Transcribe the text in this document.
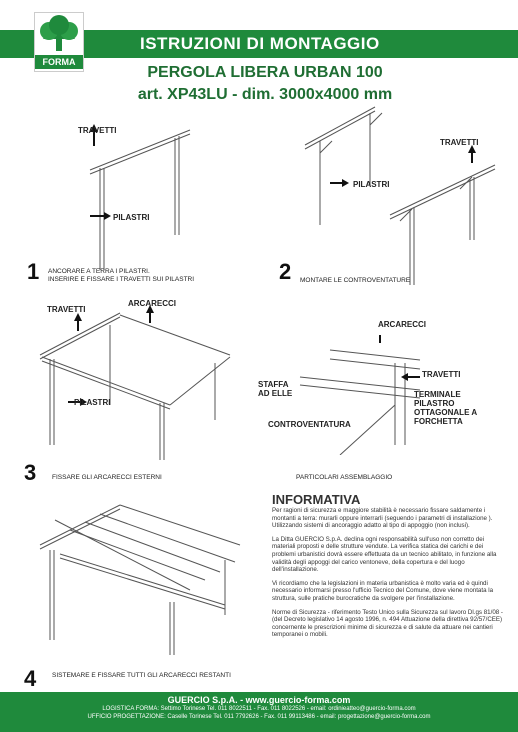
ISTRUZIONI DI MONTAGGIO
FORMA
PERGOLA LIBERA URBAN 100
art. XP43LU - dim. 3000x4000 mm
TRAVETTI
PILASTRI
PILASTRI
TRAVETTI
1 ANCORARE A TERRA I PILASTRI.
INSERIRE E FISSARE I TRAVETTI SUI PILASTRI	2 MONTARE LE CONTROVENTATURE
TRAVETTI
ARCARECCI
PILASTRI
ARCARECCI
TRAVETTI
STAFFA AD ELLE	TERMINALE PILASTRO OTTAGONALE A FORCHETTA
CONTROVENTATURA
3 FISSARE GLI ARCARECCI ESTERNI	PARTICOLARI ASSEMBLAGGIO
4 SISTEMARE E FISSARE TUTTI GLI ARCARECCI RESTANTI
INFORMATIVA

Per ragioni di sicurezza e maggiore stabilità è necessario fissare saldamente i montanti a terra: murarli oppure interrarli (seguendo i parametri di installazione ). Utilizzando sistemi di ancoraggio adatto al tipo di appoggio (non inclusi).

La Ditta GUERCIO S.p.A. declina ogni responsabilità sull'uso non corretto dei materiali proposti e delle strutture vendute. La verifica statica dei carichi e dei problemi urbanistici dovrà essere effettuata da un tecnico abilitato, in funzione alla validità degli appoggi del carico ventoneve, della copertura e del luogo dell'installazione.

Vi ricordiamo che la legislazioni in materia urbanistica è molto varia ed è quindi necessario informarsi presso l'ufficio Tecnico del Comune, dove viene montata la struttura, sulle pratiche burocratiche da svolgere per l'installazione.

Norme di Sicurezza - riferimento Testo Unico sulla Sicurezza sul lavoro Dl.gs 81/08 - (del Decreto legislativo 14 agosto 1996, n. 494 Attuazione della direttiva 92/57/CEE) concernente le prescrizioni minime di sicurezza e di salute da attuare nei cantieri temporanei o mobili.

GUERCIO S.p.A. - www.guercio-forma.com
LOGISTICA FORMA: Settimo Torinese Tel. 011 8022511 - Fax. 011 8022526 - email: ordinieatteo@guercio-forma.com
UFFICIO PROGETTAZIONE: Caselle Torinese Tel. 011 7792626 - Fax. 011 99113486 - email: progettazione@guercio-forma.com
